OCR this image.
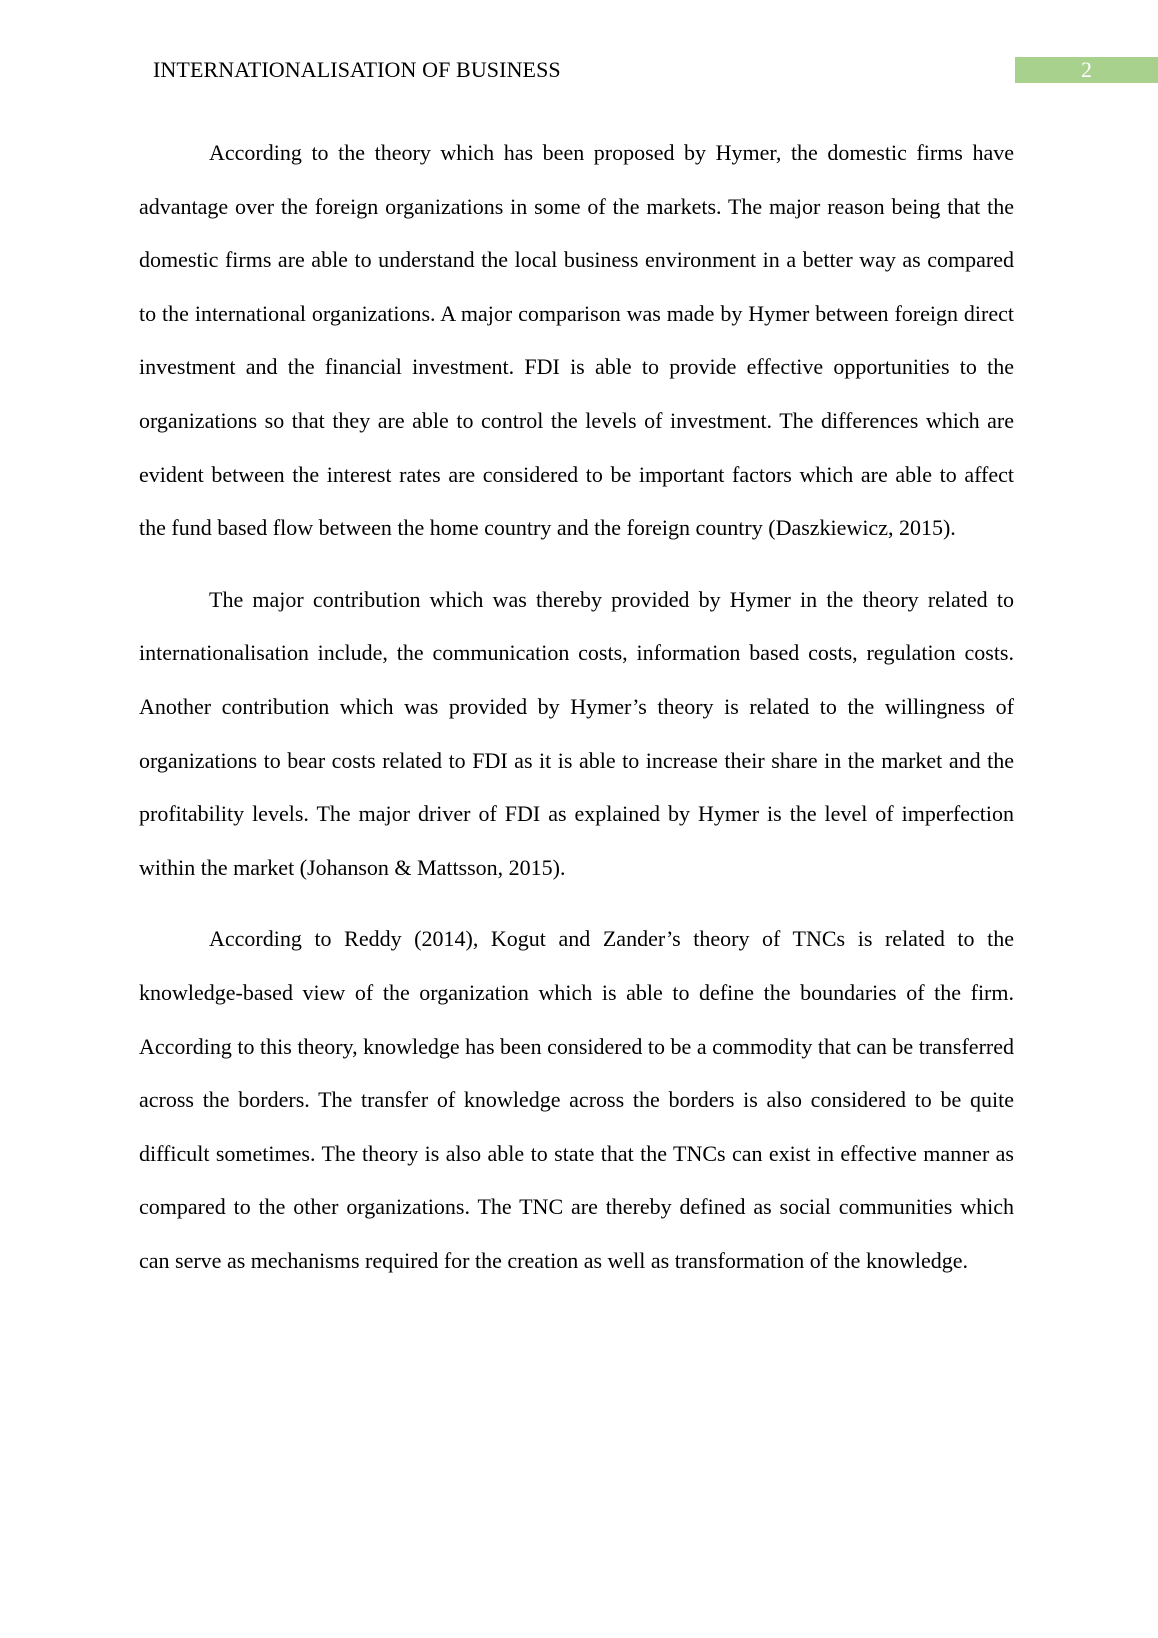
INTERNATIONALISATION OF BUSINESS	2

According to the theory which has been proposed by Hymer, the domestic firms have advantage over the foreign organizations in some of the markets. The major reason being that the domestic firms are able to understand the local business environment in a better way as compared to the international organizations. A major comparison was made by Hymer between foreign direct investment and the financial investment. FDI is able to provide effective opportunities to the organizations so that they are able to control the levels of investment. The differences which are evident between the interest rates are considered to be important factors which are able to affect the fund based flow between the home country and the foreign country (Daszkiewicz, 2015).

The major contribution which was thereby provided by Hymer in the theory related to internationalisation include, the communication costs, information based costs, regulation costs. Another contribution which was provided by Hymer’s theory is related to the willingness of organizations to bear costs related to FDI as it is able to increase their share in the market and the profitability levels. The major driver of FDI as explained by Hymer is the level of imperfection within the market (Johanson & Mattsson, 2015).

According to Reddy (2014), Kogut and Zander’s theory of TNCs is related to the knowledge-based view of the organization which is able to define the boundaries of the firm. According to this theory, knowledge has been considered to be a commodity that can be transferred across the borders. The transfer of knowledge across the borders is also considered to be quite difficult sometimes. The theory is also able to state that the TNCs can exist in effective manner as compared to the other organizations. The TNC are thereby defined as social communities which can serve as mechanisms required for the creation as well as transformation of the knowledge.
